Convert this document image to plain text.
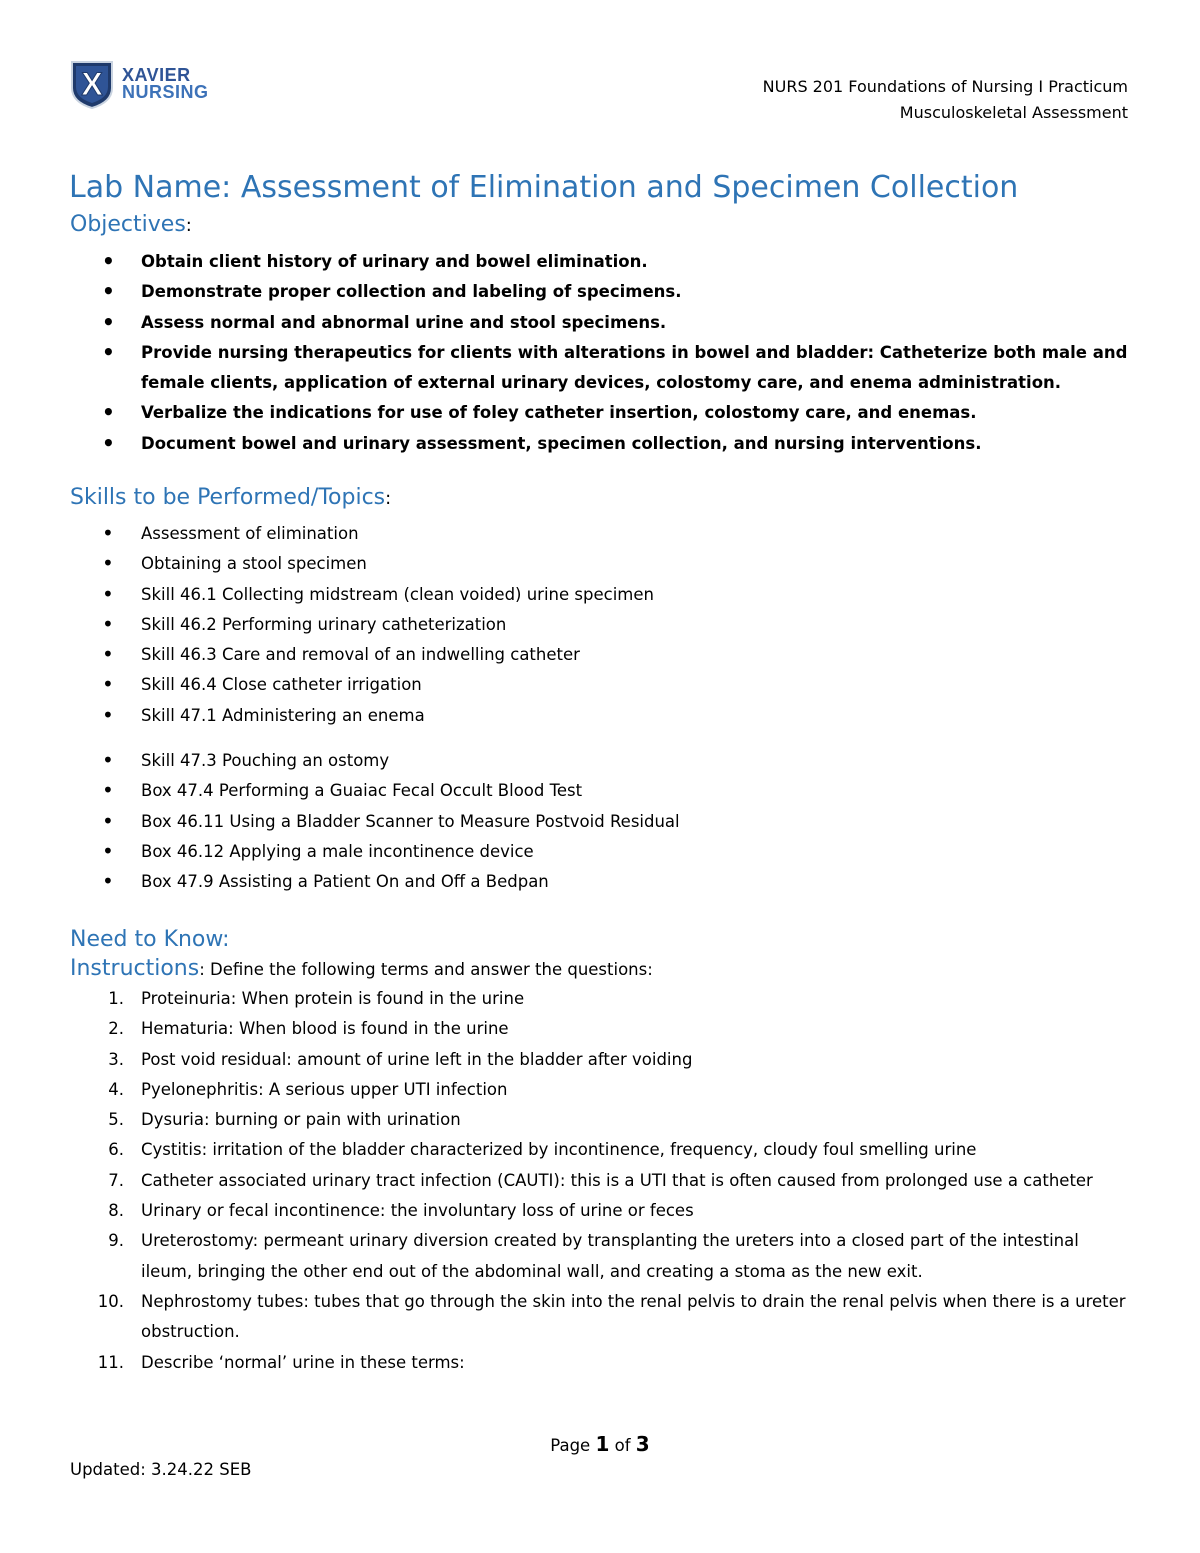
X XAVIER
NURSING	NURS 201 Foundations of Nursing I Practicum
Musculoskeletal Assessment
Lab Name: Assessment of Elimination and Specimen Collection
Objectives:
• Obtain client history of urinary and bowel elimination.
• Demonstrate proper collection and labeling of specimens.
• Assess normal and abnormal urine and stool specimens.
• Provide nursing therapeutics for clients with alterations in bowel and bladder: Catheterize both male and female clients, application of external urinary devices, colostomy care, and enema administration.
• Verbalize the indications for use of foley catheter insertion, colostomy care, and enemas.
• Document bowel and urinary assessment, specimen collection, and nursing interventions.
Skills to be Performed/Topics:
• Assessment of elimination
• Obtaining a stool specimen
• Skill 46.1 Collecting midstream (clean voided) urine specimen
• Skill 46.2 Performing urinary catheterization
• Skill 46.3 Care and removal of an indwelling catheter
• Skill 46.4 Close catheter irrigation
• Skill 47.1 Administering an enema
• Skill 47.3 Pouching an ostomy
• Box 47.4 Performing a Guaiac Fecal Occult Blood Test
• Box 46.11 Using a Bladder Scanner to Measure Postvoid Residual
• Box 46.12 Applying a male incontinence device
• Box 47.9 Assisting a Patient On and Off a Bedpan
Need to Know:
Instructions: Define the following terms and answer the questions:
1. Proteinuria: When protein is found in the urine
2. Hematuria: When blood is found in the urine
3. Post void residual: amount of urine left in the bladder after voiding
4. Pyelonephritis: A serious upper UTI infection
5. Dysuria: burning or pain with urination
6. Cystitis: irritation of the bladder characterized by incontinence, frequency, cloudy foul smelling urine
7. Catheter associated urinary tract infection (CAUTI): this is a UTI that is often caused from prolonged use a catheter
8. Urinary or fecal incontinence: the involuntary loss of urine or feces
9. Ureterostomy: permeant urinary diversion created by transplanting the ureters into a closed part of the intestinal ileum, bringing the other end out of the abdominal wall, and creating a stoma as the new exit.
10. Nephrostomy tubes: tubes that go through the skin into the renal pelvis to drain the renal pelvis when there is a ureter obstruction.
11. Describe ‘normal’ urine in these terms:
Page 1 of 3
Updated: 3.24.22 SEB
